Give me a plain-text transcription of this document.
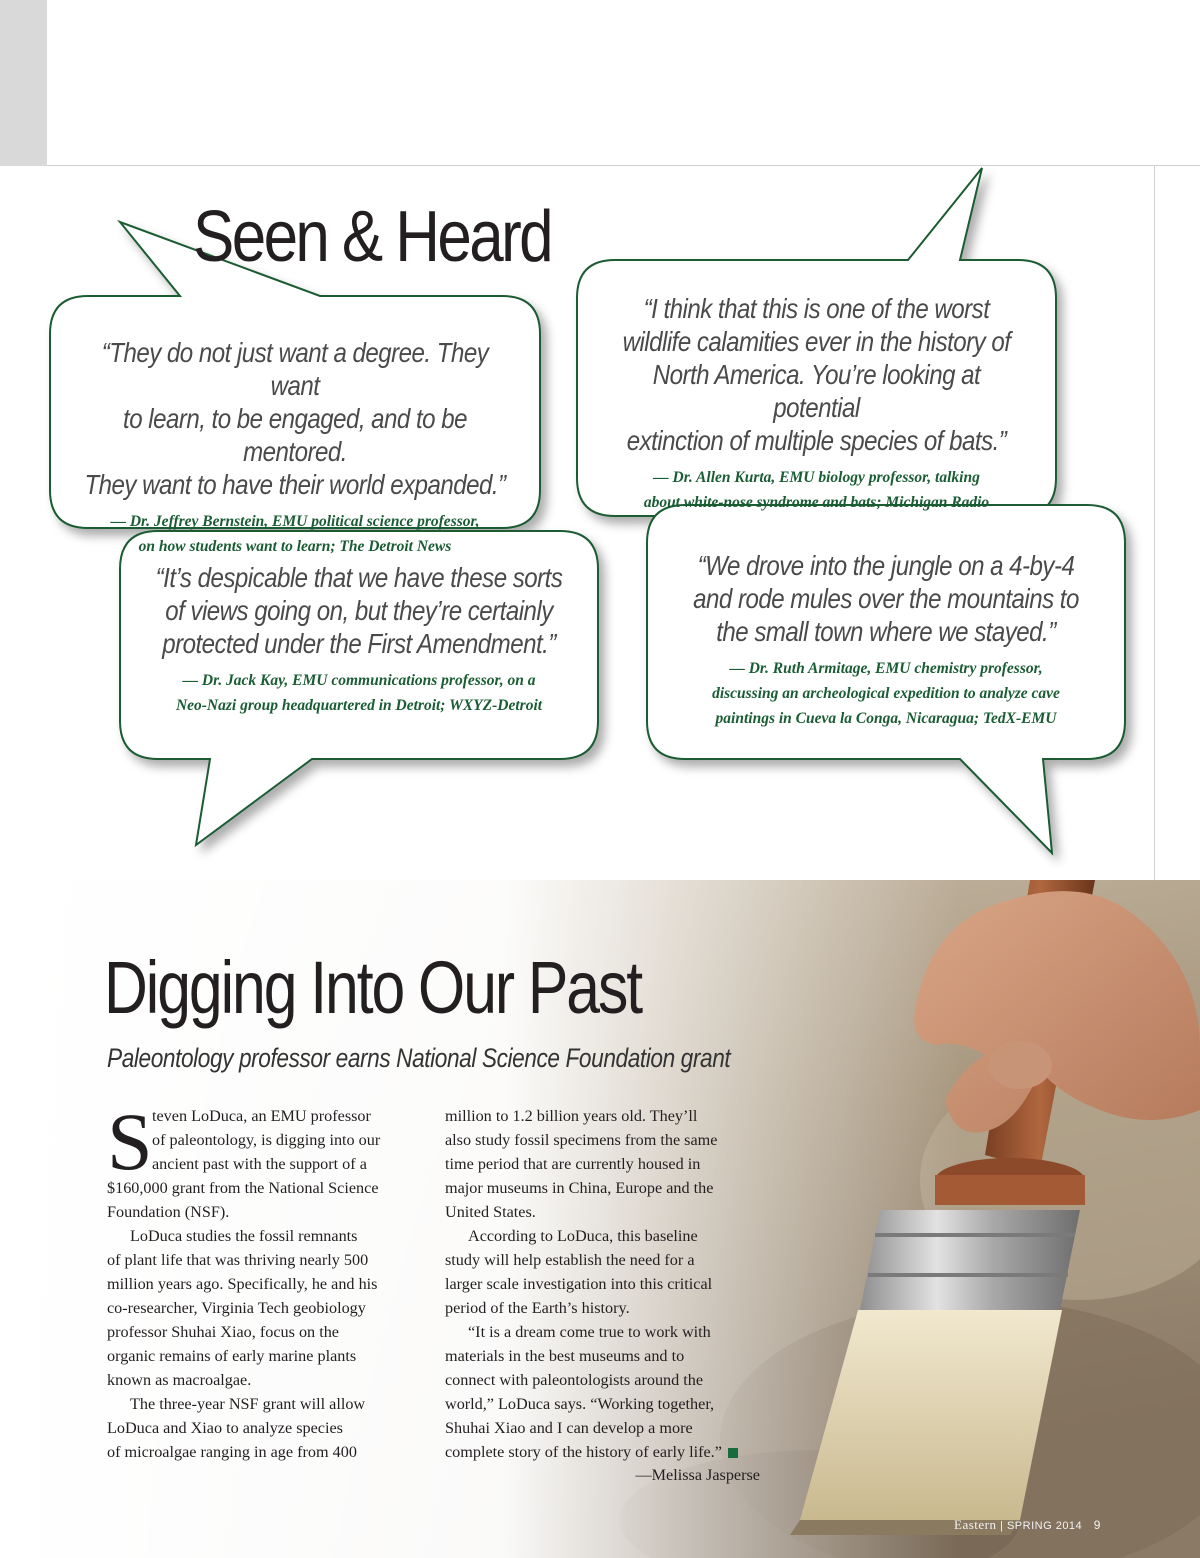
Seen & Heard
“They do not just want a degree. They want
to learn, to be engaged, and to be mentored.
They want to have their world expanded.”
— Dr. Jeffrey Bernstein, EMU political science professor,
on how students want to learn; The Detroit News
“I think that this is one of the worst
wildlife calamities ever in the history of
North America. You’re looking at potential
extinction of multiple species of bats.”
— Dr. Allen Kurta, EMU biology professor, talking
about white-nose syndrome and bats; Michigan Radio
“It’s despicable that we have these sorts
of views going on, but they’re certainly
protected under the First Amendment.”
— Dr. Jack Kay, EMU communications professor, on a
Neo-Nazi group headquartered in Detroit; WXYZ-Detroit
“We drove into the jungle on a 4-by-4
and rode mules over the mountains to
the small town where we stayed.”
— Dr. Ruth Armitage, EMU chemistry professor,
discussing an archeological expedition to analyze cave
paintings in Cueva la Conga, Nicaragua; TedX-EMU
Digging Into Our Past
Paleontology professor earns National Science Foundation grant
S teven LoDuca, an EMU professor
of paleontology, is digging into our
ancient past with the support of a
$160,000 grant from the National Science
Foundation (NSF).
LoDuca studies the fossil remnants
of plant life that was thriving nearly 500
million years ago. Specifically, he and his
co-researcher, Virginia Tech geobiology
professor Shuhai Xiao, focus on the
organic remains of early marine plants
known as macroalgae.
The three-year NSF grant will allow
LoDuca and Xiao to analyze species
of microalgae ranging in age from 400
million to 1.2 billion years old. They’ll
also study fossil specimens from the same
time period that are currently housed in
major museums in China, Europe and the
United States.
According to LoDuca, this baseline
study will help establish the need for a
larger scale investigation into this critical
period of the Earth’s history.
“It is a dream come true to work with
materials in the best museums and to
connect with paleontologists around the
world,” LoDuca says. “Working together,
Shuhai Xiao and I can develop a more
complete story of the history of early life.”
—Melissa Jasperse
Eastern | SPRING 2014 9
